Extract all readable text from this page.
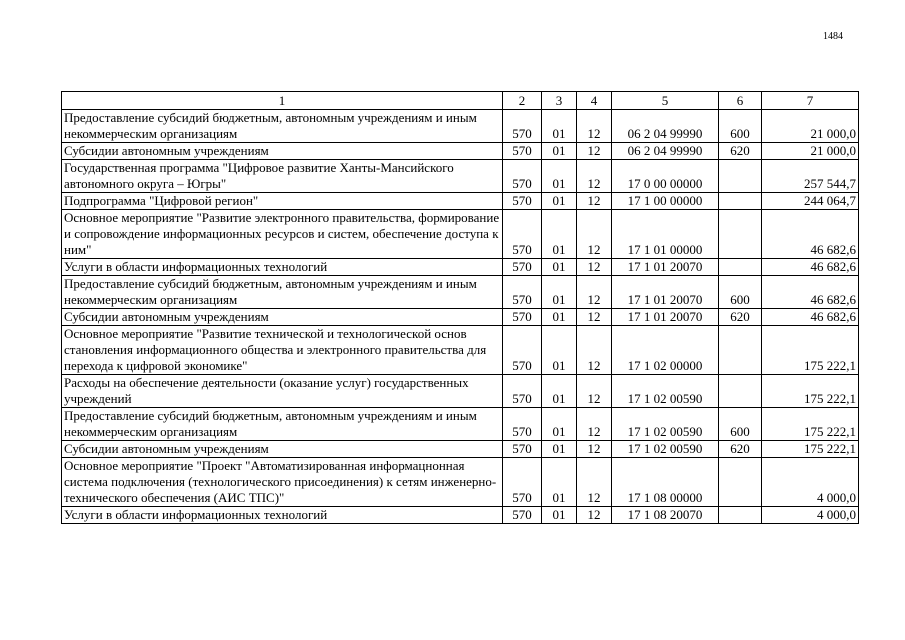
1484
1	2	3	4	5	6	7
Предоставление субсидий бюджетным, автономным учреждениям и иным некоммерческим организациям	570	01	12	06 2 04 99990	600	21 000,0
Субсидии автономным учреждениям	570	01	12	06 2 04 99990	620	21 000,0
Государственная программа "Цифровое развитие Ханты-Мансийского автономного округа – Югры"	570	01	12	17 0 00 00000		257 544,7
Подпрограмма "Цифровой регион"	570	01	12	17 1 00 00000		244 064,7
Основное мероприятие "Развитие электронного правительства, формирование и сопровождение информационных ресурсов и систем, обеспечение доступа к ним"	570	01	12	17 1 01 00000		46 682,6
Услуги в области информационных технологий	570	01	12	17 1 01 20070		46 682,6
Предоставление субсидий бюджетным, автономным учреждениям и иным некоммерческим организациям	570	01	12	17 1 01 20070	600	46 682,6
Субсидии автономным учреждениям	570	01	12	17 1 01 20070	620	46 682,6
Основное мероприятие "Развитие технической и технологической основ становления информационного общества и электронного правительства для перехода к цифровой экономике"	570	01	12	17 1 02 00000		175 222,1
Расходы на обеспечение деятельности (оказание услуг) государственных учреждений	570	01	12	17 1 02 00590		175 222,1
Предоставление субсидий бюджетным, автономным учреждениям и иным некоммерческим организациям	570	01	12	17 1 02 00590	600	175 222,1
Субсидии автономным учреждениям	570	01	12	17 1 02 00590	620	175 222,1
Основное мероприятие "Проект "Автоматизированная информацнонная система подключения (технологического присоединения) к сетям инженерно-технического обеспечения (АИС ТПС)"	570	01	12	17 1 08 00000		4 000,0
Услуги в области информационных технологий	570	01	12	17 1 08 20070		4 000,0
